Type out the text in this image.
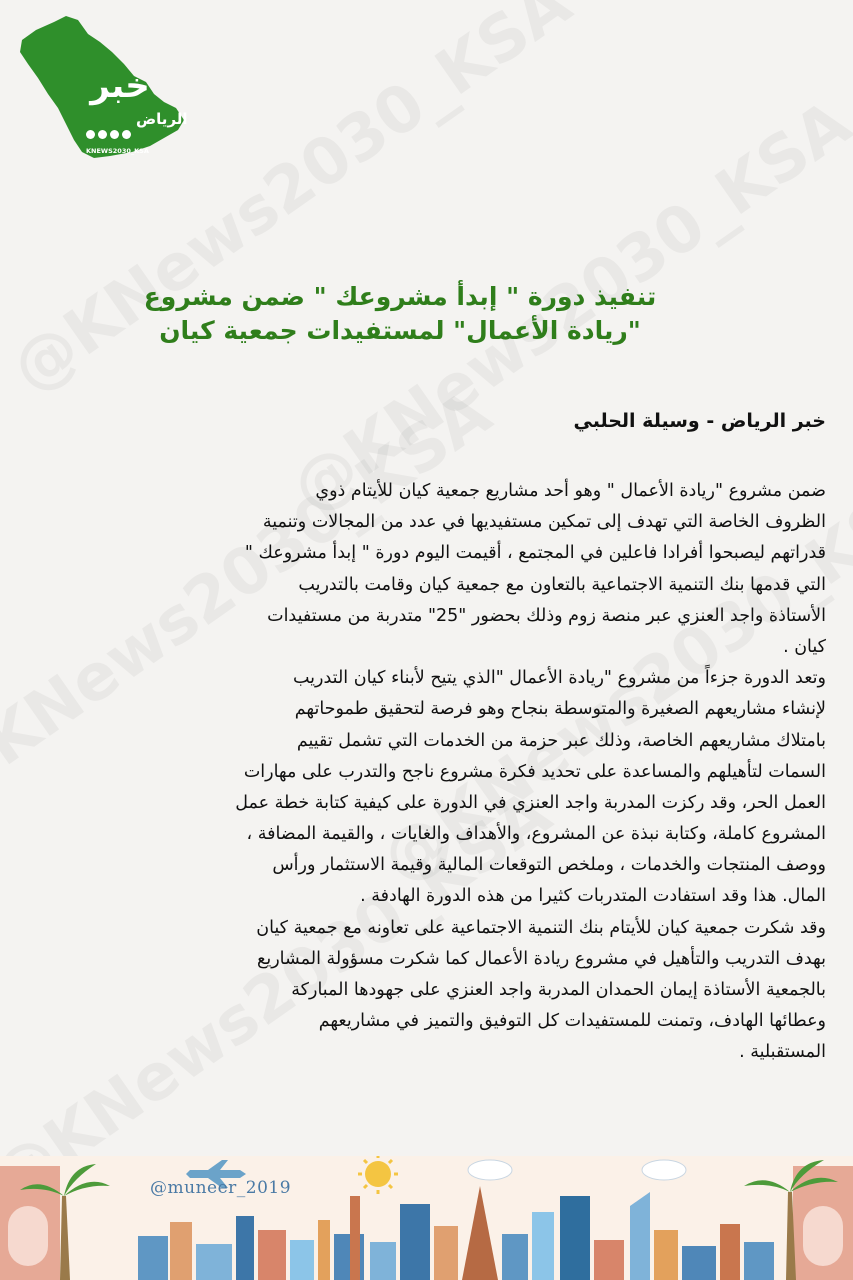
خبر
الرياض
KNEWS2030_KSA
تنفيذ دورة " إبدأ مشروعك " ضمن مشروع
"ريادة الأعمال" لمستفيدات جمعية كيان
خبر الرياض - وسيلة الحلبي
ضمن مشروع "ريادة الأعمال " وهو أحد مشاريع جمعية كيان للأيتام ذوي
الظروف الخاصة التي تهدف إلى تمكين مستفيديها في عدد من المجالات وتنمية
قدراتهم ليصبحوا أفرادا فاعلين في المجتمع ، أقيمت اليوم دورة " إبدأ مشروعك "
التي قدمها بنك التنمية الاجتماعية بالتعاون مع جمعية كيان وقامت بالتدريب
الأستاذة واجد العنزي عبر منصة زوم وذلك بحضور "25" متدربة من مستفيدات
كيان .
وتعد الدورة جزءاً من مشروع "ريادة الأعمال "الذي يتيح لأبناء كيان التدريب
لإنشاء مشاريعهم الصغيرة والمتوسطة بنجاح وهو فرصة لتحقيق طموحاتهم
بامتلاك مشاريعهم الخاصة، وذلك عبر حزمة من الخدمات التي تشمل تقييم
السمات لتأهيلهم والمساعدة على تحديد فكرة مشروع ناجح والتدرب على مهارات
العمل الحر، وقد ركزت المدربة واجد العنزي في الدورة على كيفية كتابة خطة عمل
المشروع كاملة، وكتابة نبذة عن المشروع، والأهداف والغايات ، والقيمة المضافة ،
ووصف المنتجات والخدمات ، وملخص التوقعات المالية وقيمة الاستثمار ورأس
المال. هذا وقد استفادت المتدربات كثيرا من هذه الدورة الهادفة .
وقد شكرت جمعية كيان للأيتام بنك التنمية الاجتماعية على تعاونه مع جمعية كيان
بهدف التدريب والتأهيل في مشروع ريادة الأعمال كما شكرت مسؤولة المشاريع
بالجمعية الأستاذة إيمان الحمدان المدربة واجد العنزي على جهودها المباركة
وعطائها الهادف، وتمنت للمستفيدات كل التوفيق والتميز في مشاريعهم
المستقبلية .
@muneer_2019
